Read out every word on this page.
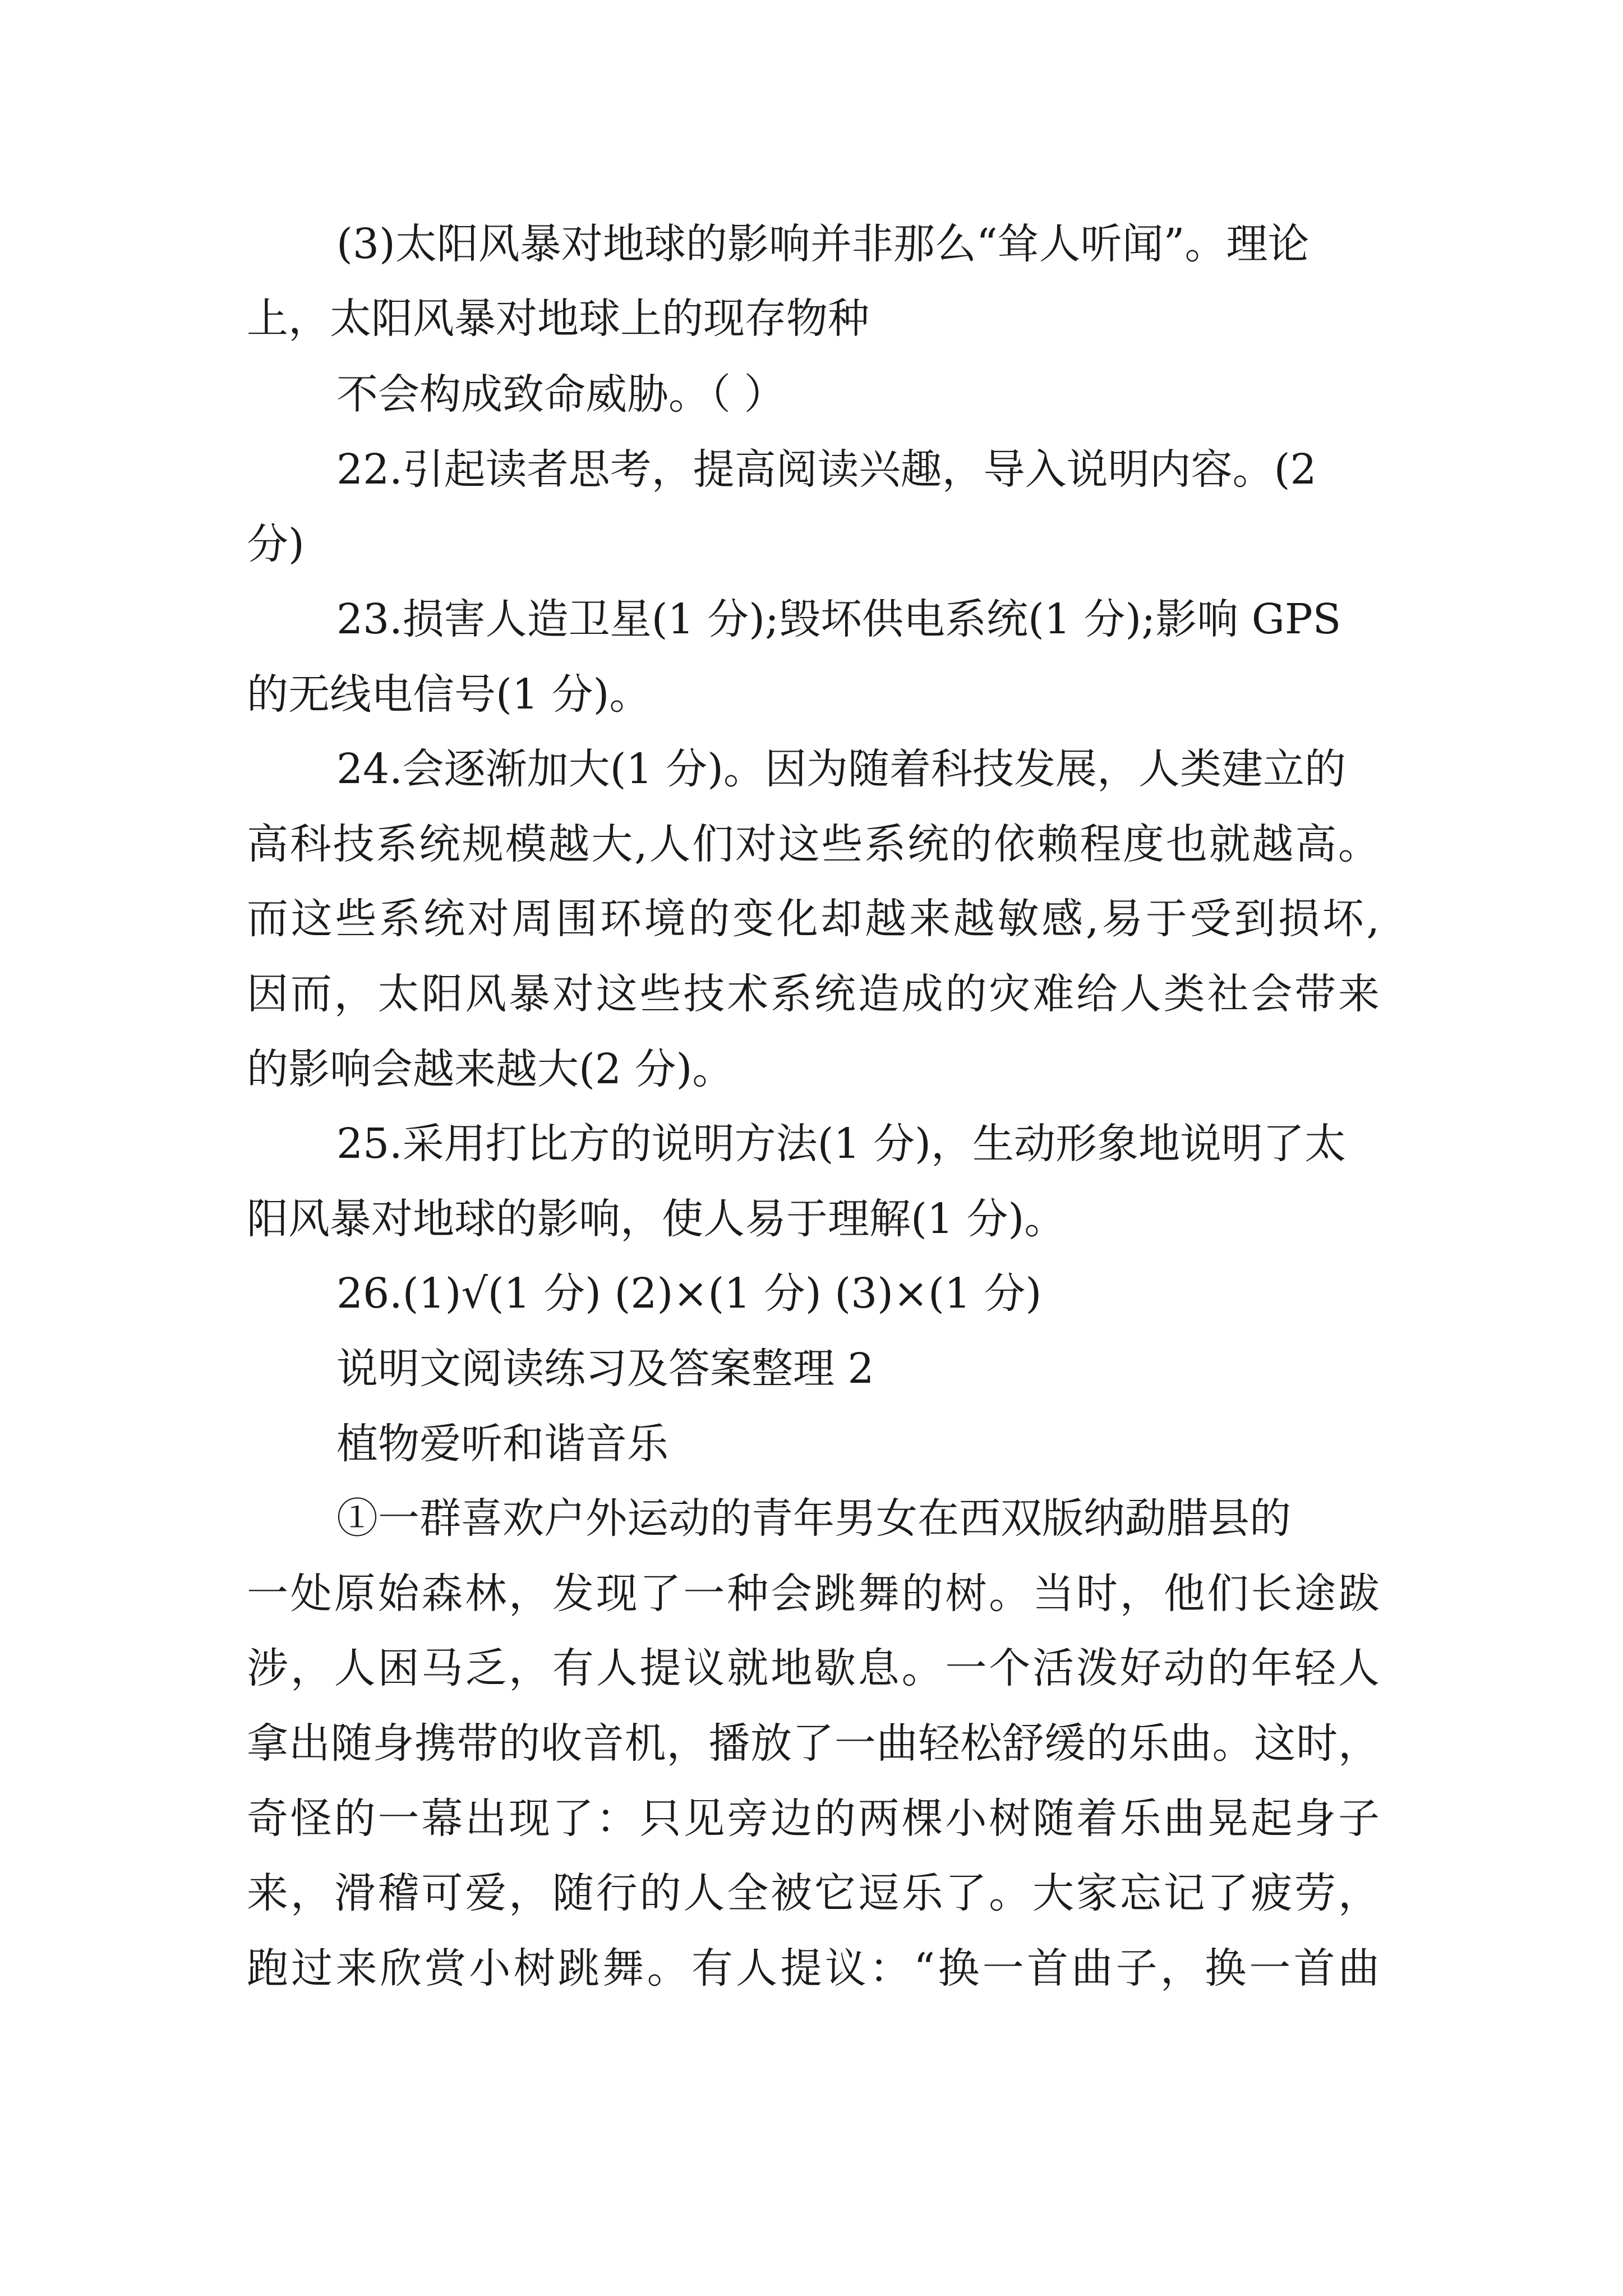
(3)太阳风暴对地球的影响并非那么“耸人听闻”。理论
上，太阳风暴对地球上的现存物种
不会构成致命威胁。（ ）
22.引起读者思考，提高阅读兴趣，导入说明内容。(2
分)
23.损害人造卫星(1 分);毁坏供电系统(1 分);影响 GPS
的无线电信号(1 分)。
24.会逐渐加大(1 分)。因为随着科技发展，人类建立的
高科技系统规模越大,人们对这些系统的依赖程度也就越高。
而这些系统对周围环境的变化却越来越敏感,易于受到损坏,
因而，太阳风暴对这些技术系统造成的灾难给人类社会带来
的影响会越来越大(2 分)。
25.采用打比方的说明方法(1 分)，生动形象地说明了太
阳风暴对地球的影响，使人易于理解(1 分)。
26.(1)√(1 分) (2)×(1 分) (3)×(1 分)
说明文阅读练习及答案整理 2
植物爱听和谐音乐
①一群喜欢户外运动的青年男女在西双版纳勐腊县的
一处原始森林，发现了一种会跳舞的树。当时，他们长途跋
涉，人困马乏，有人提议就地歇息。一个活泼好动的年轻人
拿出随身携带的收音机，播放了一曲轻松舒缓的乐曲。这时，
奇怪的一幕出现了：只见旁边的两棵小树随着乐曲晃起身子
来，滑稽可爱，随行的人全被它逗乐了。大家忘记了疲劳，
跑过来欣赏小树跳舞。有人提议：“换一首曲子，换一首曲
